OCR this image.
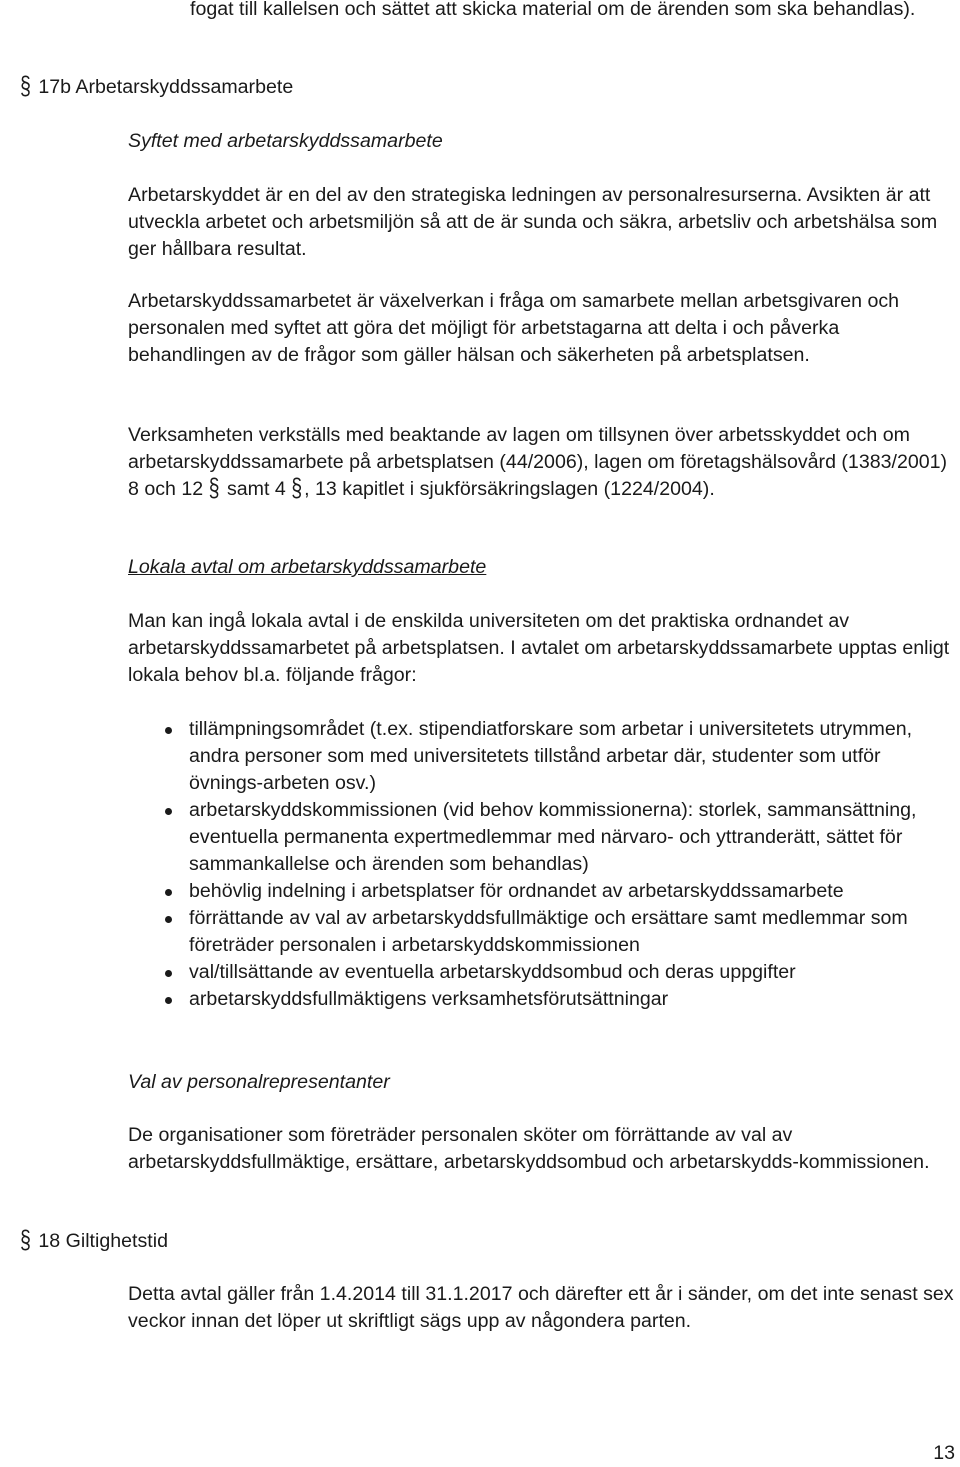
fogat till kallelsen och sättet att skicka material om de ärenden som ska behandlas).

§ 17b Arbetarskyddssamarbete

Syftet med arbetarskyddssamarbete

Arbetarskyddet är en del av den strategiska ledningen av personalresurserna. Avsikten är att utveckla arbetet och arbetsmiljön så att de är sunda och säkra, arbetsliv och arbetshälsa som ger hållbara resultat.

Arbetarskyddssamarbetet är växelverkan i fråga om samarbete mellan arbetsgivaren och personalen med syftet att göra det möjligt för arbetstagarna att delta i och påverka behandlingen av de frågor som gäller hälsan och säkerheten på arbetsplatsen.

Verksamheten verkställs med beaktande av lagen om tillsynen över arbetsskyddet och om arbetarskyddssamarbete på arbetsplatsen (44/2006), lagen om företagshälsovård (1383/2001) 8 och 12 § samt 4 § , 13 kapitlet i sjukförsäkringslagen (1224/2004).

Lokala avtal om arbetarskyddssamarbete

Man kan ingå lokala avtal i de enskilda universiteten om det praktiska ordnandet av arbetarskyddssamarbetet på arbetsplatsen. I avtalet om arbetarskyddssamarbete upptas enligt lokala behov bl.a. följande frågor:

tillämpningsområdet (t.ex. stipendiatforskare som arbetar i universitetets utrymmen, andra personer som med universitetets tillstånd arbetar där, studenter som utför övnings-arbeten osv.)
arbetarskyddskommissionen (vid behov kommissionerna): storlek, sammansättning, eventuella permanenta expertmedlemmar med närvaro- och yttranderätt, sättet för sammankallelse och ärenden som behandlas)
behövlig indelning i arbetsplatser för ordnandet av arbetarskyddssamarbete
förrättande av val av arbetarskyddsfullmäktige och ersättare samt medlemmar som företräder personalen i arbetarskyddskommissionen
val/tillsättande av eventuella arbetarskyddsombud och deras uppgifter
arbetarskyddsfullmäktigens verksamhetsförutsättningar

Val av personalrepresentanter

De organisationer som företräder personalen sköter om förrättande av val av arbetarskyddsfullmäktige, ersättare, arbetarskyddsombud och arbetarskydds-kommissionen.

§ 18 Giltighetstid

Detta avtal gäller från 1.4.2014 till 31.1.2017 och därefter ett år i sänder, om det inte senast sex veckor innan det löper ut skriftligt sägs upp av någondera parten.

13
